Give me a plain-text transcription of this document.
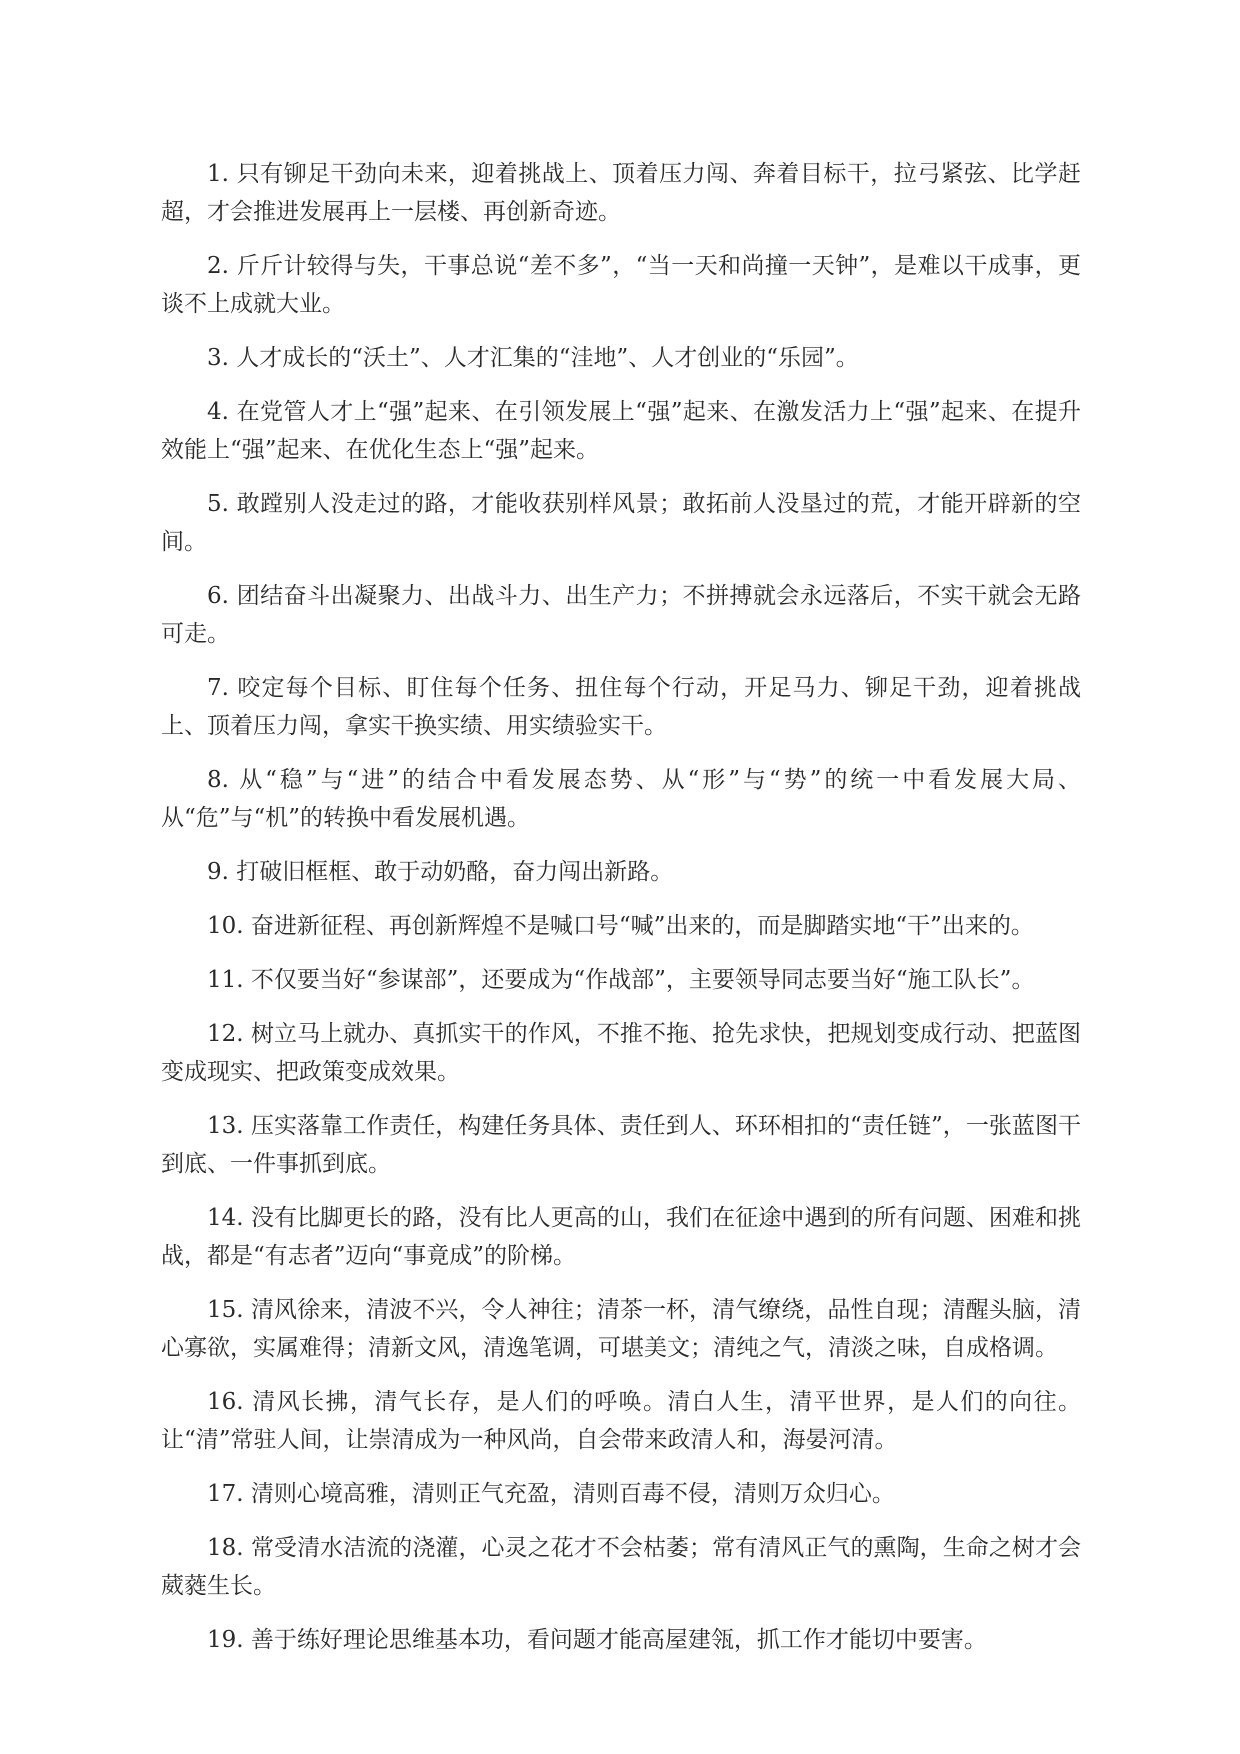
1. 只有铆足干劲向未来，迎着挑战上、顶着压力闯、奔着目标干，拉弓紧弦、比学赶超，才会推进发展再上一层楼、再创新奇迹。

2. 斤斤计较得与失，干事总说“差不多”，“当一天和尚撞一天钟”，是难以干成事，更谈不上成就大业。

3. 人才成长的“沃土”、人才汇集的“洼地”、人才创业的“乐园”。

4. 在党管人才上“强”起来、在引领发展上“强”起来、在激发活力上“强”起来、在提升效能上“强”起来、在优化生态上“强”起来。

5. 敢蹚别人没走过的路，才能收获别样风景；敢拓前人没垦过的荒，才能开辟新的空间。

6. 团结奋斗出凝聚力、出战斗力、出生产力；不拼搏就会永远落后，不实干就会无路可走。

7. 咬定每个目标、盯住每个任务、扭住每个行动，开足马力、铆足干劲，迎着挑战上、顶着压力闯，拿实干换实绩、用实绩验实干。

8. 从“稳”与“进”的结合中看发展态势、从“形”与“势”的统一中看发展大局、从“危”与“机”的转换中看发展机遇。

9. 打破旧框框、敢于动奶酪，奋力闯出新路。

10. 奋进新征程、再创新辉煌不是喊口号“喊”出来的，而是脚踏实地“干”出来的。

11. 不仅要当好“参谋部”，还要成为“作战部”，主要领导同志要当好“施工队长”。

12. 树立马上就办、真抓实干的作风，不推不拖、抢先求快，把规划变成行动、把蓝图变成现实、把政策变成效果。

13. 压实落靠工作责任，构建任务具体、责任到人、环环相扣的“责任链”，一张蓝图干到底、一件事抓到底。

14. 没有比脚更长的路，没有比人更高的山，我们在征途中遇到的所有问题、困难和挑战，都是“有志者”迈向“事竟成”的阶梯。

15. 清风徐来，清波不兴，令人神往；清茶一杯，清气缭绕，品性自现；清醒头脑，清心寡欲，实属难得；清新文风，清逸笔调，可堪美文；清纯之气，清淡之味，自成格调。

16. 清风长拂，清气长存，是人们的呼唤。清白人生，清平世界，是人们的向往。让“清”常驻人间，让崇清成为一种风尚，自会带来政清人和，海晏河清。

17. 清则心境高雅，清则正气充盈，清则百毒不侵，清则万众归心。

18. 常受清水洁流的浇灌，心灵之花才不会枯萎；常有清风正气的熏陶，生命之树才会葳蕤生长。

19. 善于练好理论思维基本功，看问题才能高屋建瓴，抓工作才能切中要害。
